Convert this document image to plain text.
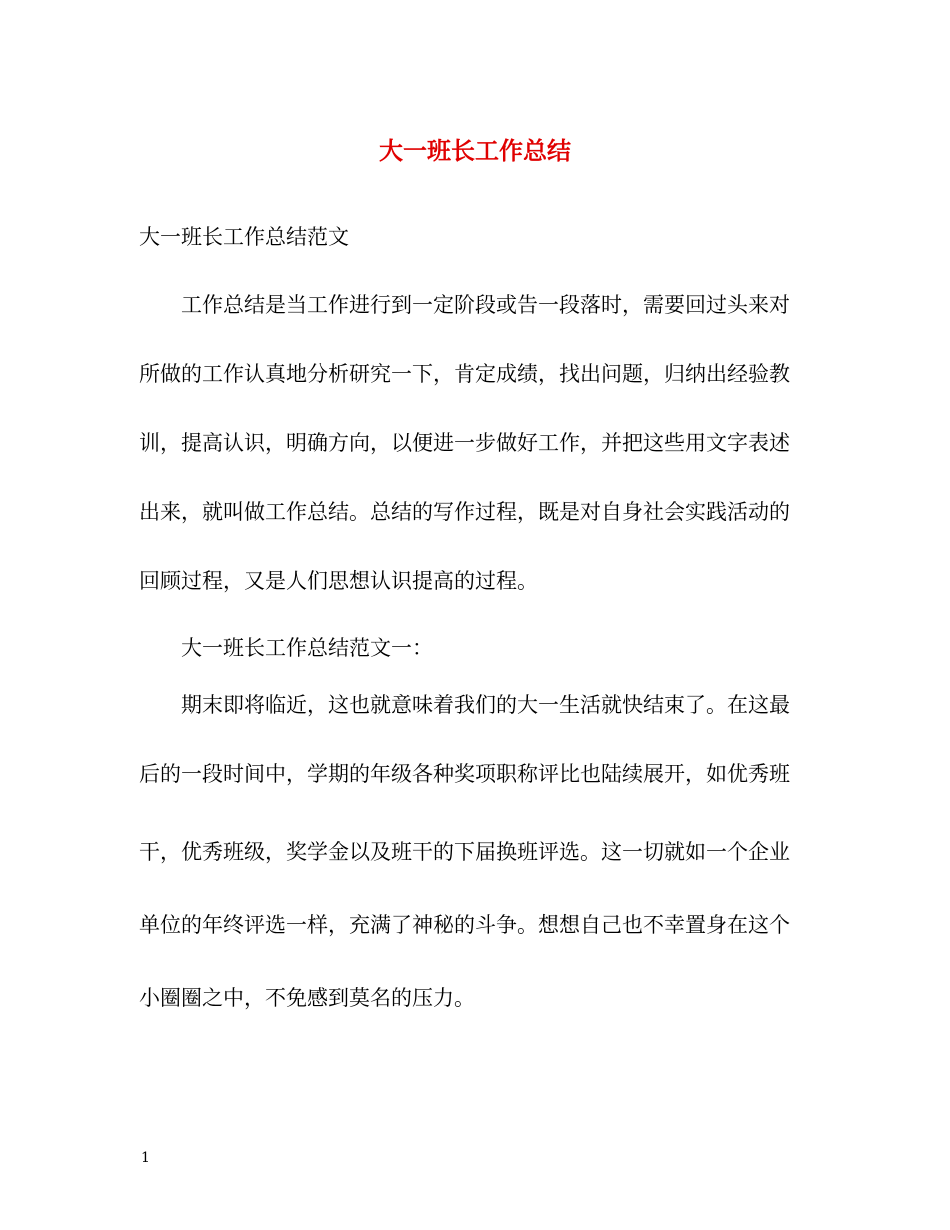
大一班长工作总结
大一班长工作总结范文
工作总结是当工作进行到一定阶段或告一段落时，需要回过头来对
所做的工作认真地分析研究一下，肯定成绩，找出问题，归纳出经验教
训，提高认识，明确方向，以便进一步做好工作，并把这些用文字表述
出来，就叫做工作总结。总结的写作过程，既是对自身社会实践活动的
回顾过程，又是人们思想认识提高的过程。
大一班长工作总结范文一：
期末即将临近，这也就意味着我们的大一生活就快结束了。在这最
后的一段时间中，学期的年级各种奖项职称评比也陆续展开，如优秀班
干，优秀班级，奖学金以及班干的下届换班评选。这一切就如一个企业
单位的年终评选一样，充满了神秘的斗争。想想自己也不幸置身在这个
小圈圈之中，不免感到莫名的压力。
1
